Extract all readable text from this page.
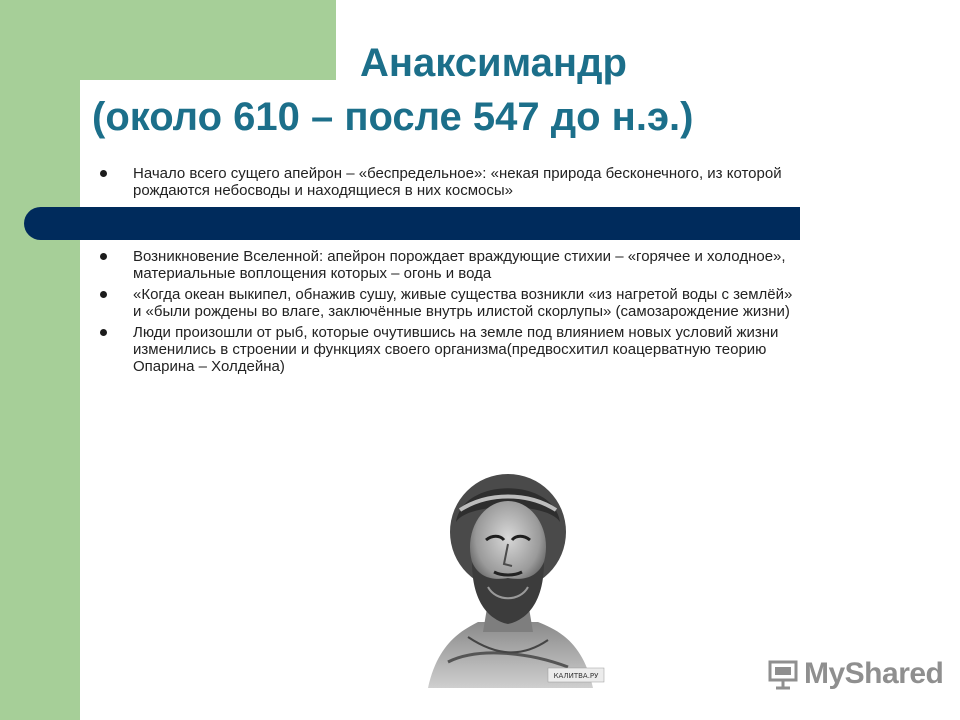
Анаксимандр
(около 610 – после 547 до н.э.)
Начало всего сущего апейрон – «беспредельное»: «некая природа бесконечного, из которой рождаются небосводы и находящиеся в них космосы»
Возникновение Вселенной: апейрон порождает враждующие стихии – «горячее и холодное», материальные воплощения которых – огонь и вода
«Когда океан выкипел, обнажив сушу, живые существа возникли «из нагретой воды с землёй» и «были рождены во влаге, заключённые внутрь илистой скорлупы» (самозарождение жизни)
Люди произошли от рыб, которые очутившись на земле под влиянием новых условий жизни изменились в строении и функциях своего организма(предвосхитил коацерватную теорию Опарина – Холдейна)
КАЛИТВА.РУ	MyShared
